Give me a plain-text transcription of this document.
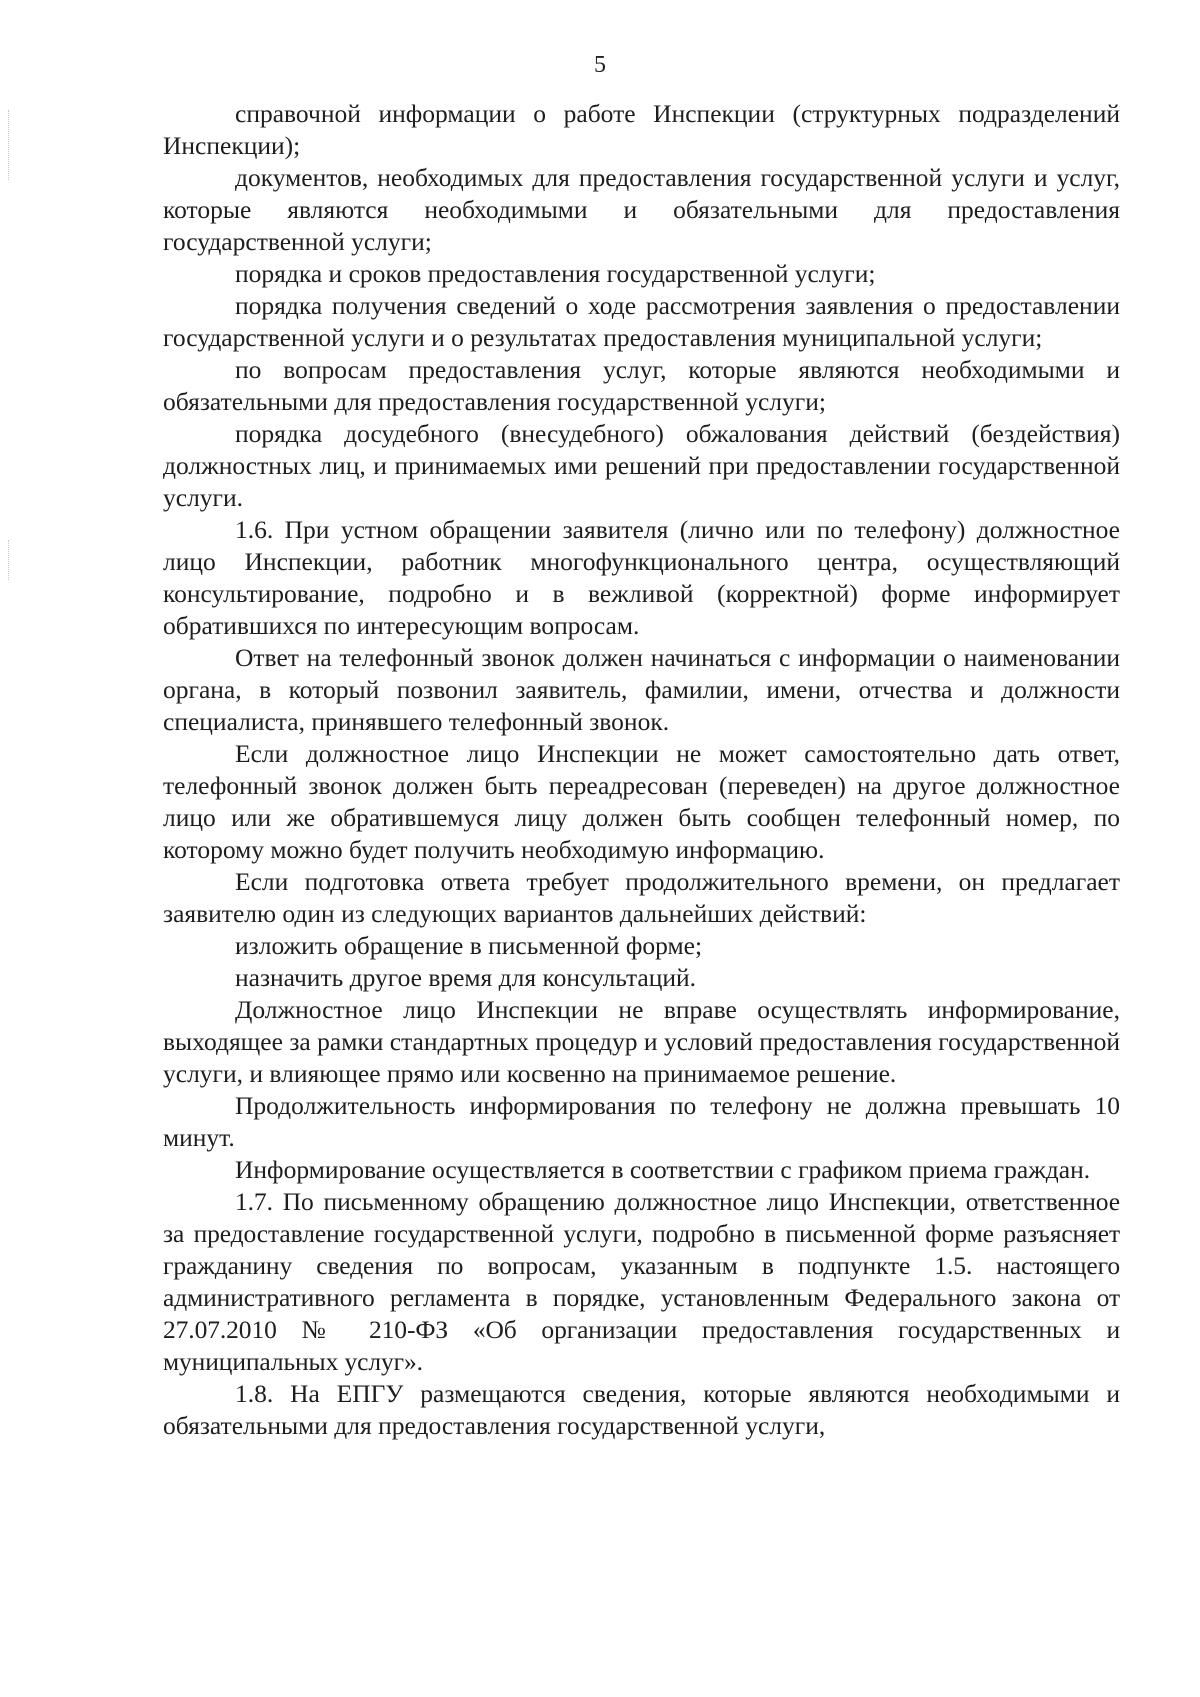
5

справочной информации о работе Инспекции (структурных подразделений Инспекции);

документов, необходимых для предоставления государственной услуги и услуг, которые являются необходимыми и обязательными для предоставления государственной услуги;

порядка и сроков предоставления государственной услуги;

порядка получения сведений о ходе рассмотрения заявления о предоставлении государственной услуги и о результатах предоставления муниципальной услуги;

по вопросам предоставления услуг, которые являются необходимыми и обязательными для предоставления государственной услуги;

порядка досудебного (внесудебного) обжалования действий (бездействия) должностных лиц, и принимаемых ими решений при предоставлении государственной услуги.

1.6. При устном обращении заявителя (лично или по телефону) должностное лицо Инспекции, работник многофункционального центра, осуществляющий консультирование, подробно и в вежливой (корректной) форме информирует обратившихся по интересующим вопросам.

Ответ на телефонный звонок должен начинаться с информации о наименовании органа, в который позвонил заявитель, фамилии, имени, отчества и должности специалиста, принявшего телефонный звонок.

Если должностное лицо Инспекции не может самостоятельно дать ответ, телефонный звонок должен быть переадресован (переведен) на другое должностное лицо или же обратившемуся лицу должен быть сообщен телефонный номер, по которому можно будет получить необходимую информацию.

Если подготовка ответа требует продолжительного времени, он предлагает заявителю один из следующих вариантов дальнейших действий:

изложить обращение в письменной форме;

назначить другое время для консультаций.

Должностное лицо Инспекции не вправе осуществлять информирование, выходящее за рамки стандартных процедур и условий предоставления государственной услуги, и влияющее прямо или косвенно на принимаемое решение.

Продолжительность информирования по телефону не должна превышать 10 минут.

Информирование осуществляется в соответствии с графиком приема граждан.

1.7. По письменному обращению должностное лицо Инспекции, ответственное за предоставление государственной услуги, подробно в письменной форме разъясняет гражданину сведения по вопросам, указанным в подпункте 1.5. настоящего административного регламента в порядке, установленным Федерального закона от 27.07.2010 № 210-ФЗ «Об организации предоставления государственных и муниципальных услуг».

1.8. На ЕПГУ размещаются сведения, которые являются необходимыми и обязательными для предоставления государственной услуги,
